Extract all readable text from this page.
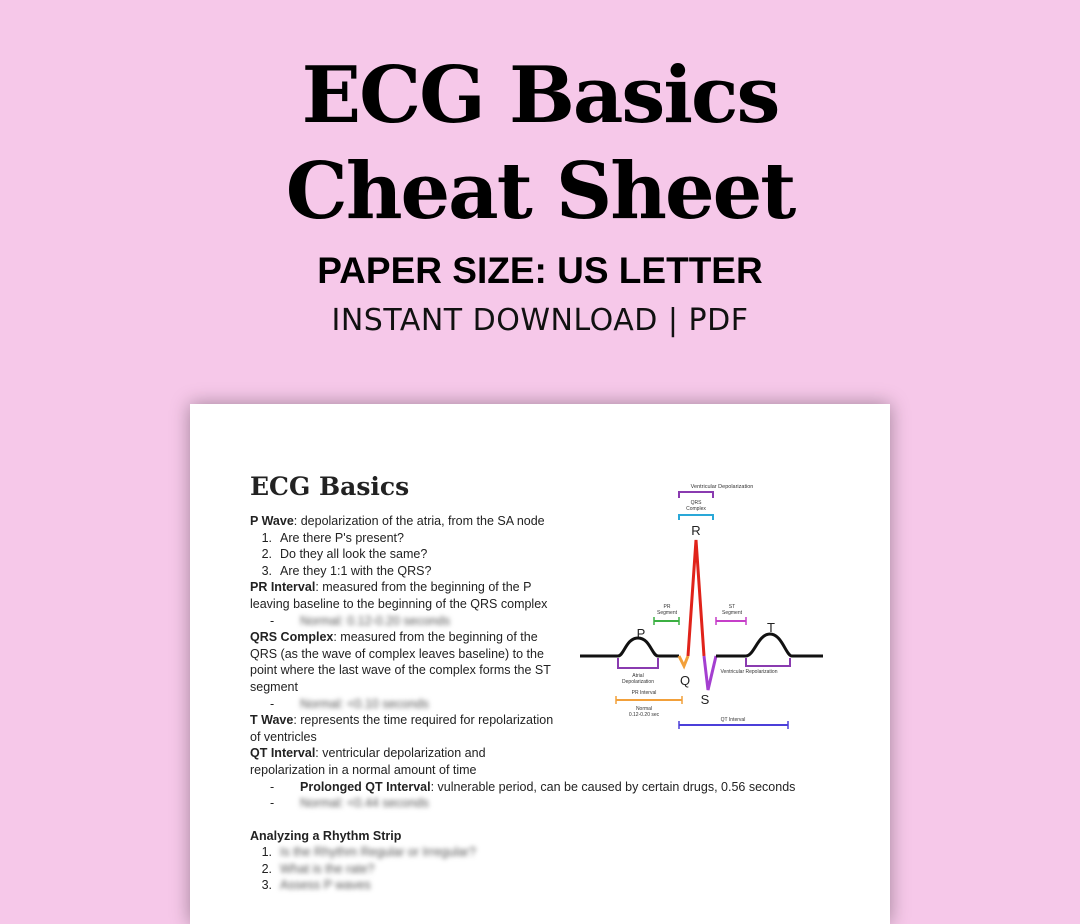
ECG Basics
Cheat Sheet
PAPER SIZE: US LETTER
INSTANT DOWNLOAD | PDF
ECG Basics
P Wave: depolarization of the atria, from the SA node
1. Are there P's present?
2. Do they all look the same?
3. Are they 1:1 with the QRS?
PR Interval: measured from the beginning of the P
leaving baseline to the beginning of the QRS complex
- Normal: 0.12-0.20 seconds
QRS Complex: measured from the beginning of the
QRS (as the wave of complex leaves baseline) to the
point where the last wave of the complex forms the ST
segment
- Normal: <0.10 seconds
T Wave: represents the time required for repolarization
of ventricles
QT Interval: ventricular depolarization and
repolarization in a normal amount of time
- Prolonged QT Interval: vulnerable period, can be caused by certain drugs, 0.56 seconds
- Normal: <0.44 seconds
Analyzing a Rhythm Strip
1. Is the Rhythm Regular or Irregular?
2. What is the rate?
3. Assess P waves
Ventricular Depolarization
QRS
Complex
R
PR
Segment
ST
Segment
P	T
Q
S
Atrial
Depolarization
Ventricular Repolarization
PR Interval
Normal
0.12-0.20 sec
QT Interval
